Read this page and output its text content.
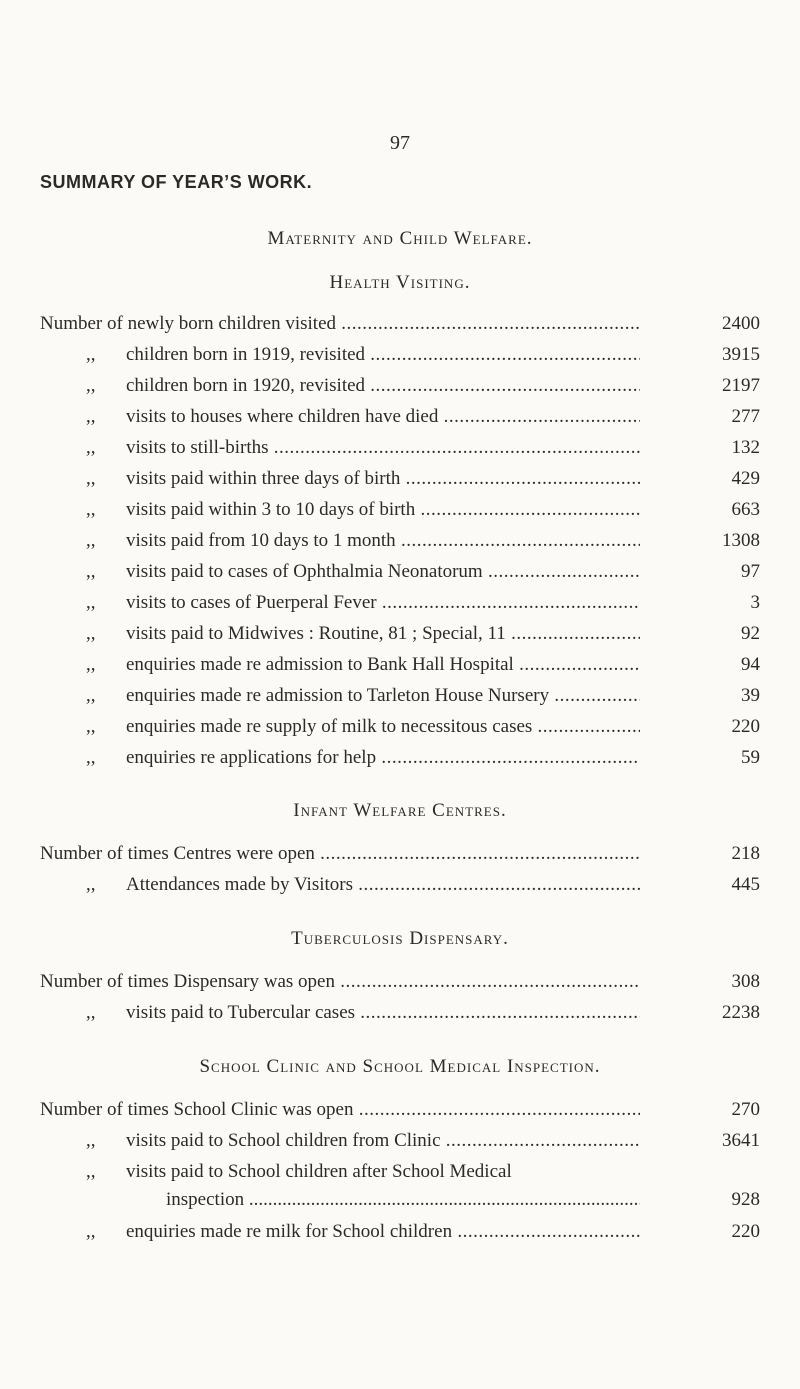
97
SUMMARY OF YEAR’S WORK.
Maternity and Child Welfare.
Health Visiting.
Number of newly born children visited .....	2400
,,	children born in 1919, revisited .....	3915
,,	children born in 1920, revisited .....	2197
,,	visits to houses where children have died .....	277
,,	visits to still-births .....	132
,,	visits paid within three days of birth .....	429
,,	visits paid within 3 to 10 days of birth .....	663
,,	visits paid from 10 days to 1 month .....	1308
,,	visits paid to cases of Ophthalmia Neonatorum .....	97
,,	visits to cases of Puerperal Fever .....	3
,,	visits paid to Midwives : Routine, 81 ; Special, 11 .....	92
,,	enquiries made re admission to Bank Hall Hospital .....	94
,,	enquiries made re admission to Tarleton House Nursery .....	39
,,	enquiries made re supply of milk to necessitous cases .....	220
,,	enquiries re applications for help .....	59
Infant Welfare Centres.
Number of times Centres were open .....	218
,,	Attendances made by Visitors .....	445
Tuberculosis Dispensary.
Number of times Dispensary was open .....	308
,,	visits paid to Tubercular cases .....	2238
School Clinic and School Medical Inspection.
Number of times School Clinic was open .....	270
,,	visits paid to School children from Clinic .....	3641
,,	visits paid to School children after School Medical
inspection .....	928
,,	enquiries made re milk for School children .....	220
